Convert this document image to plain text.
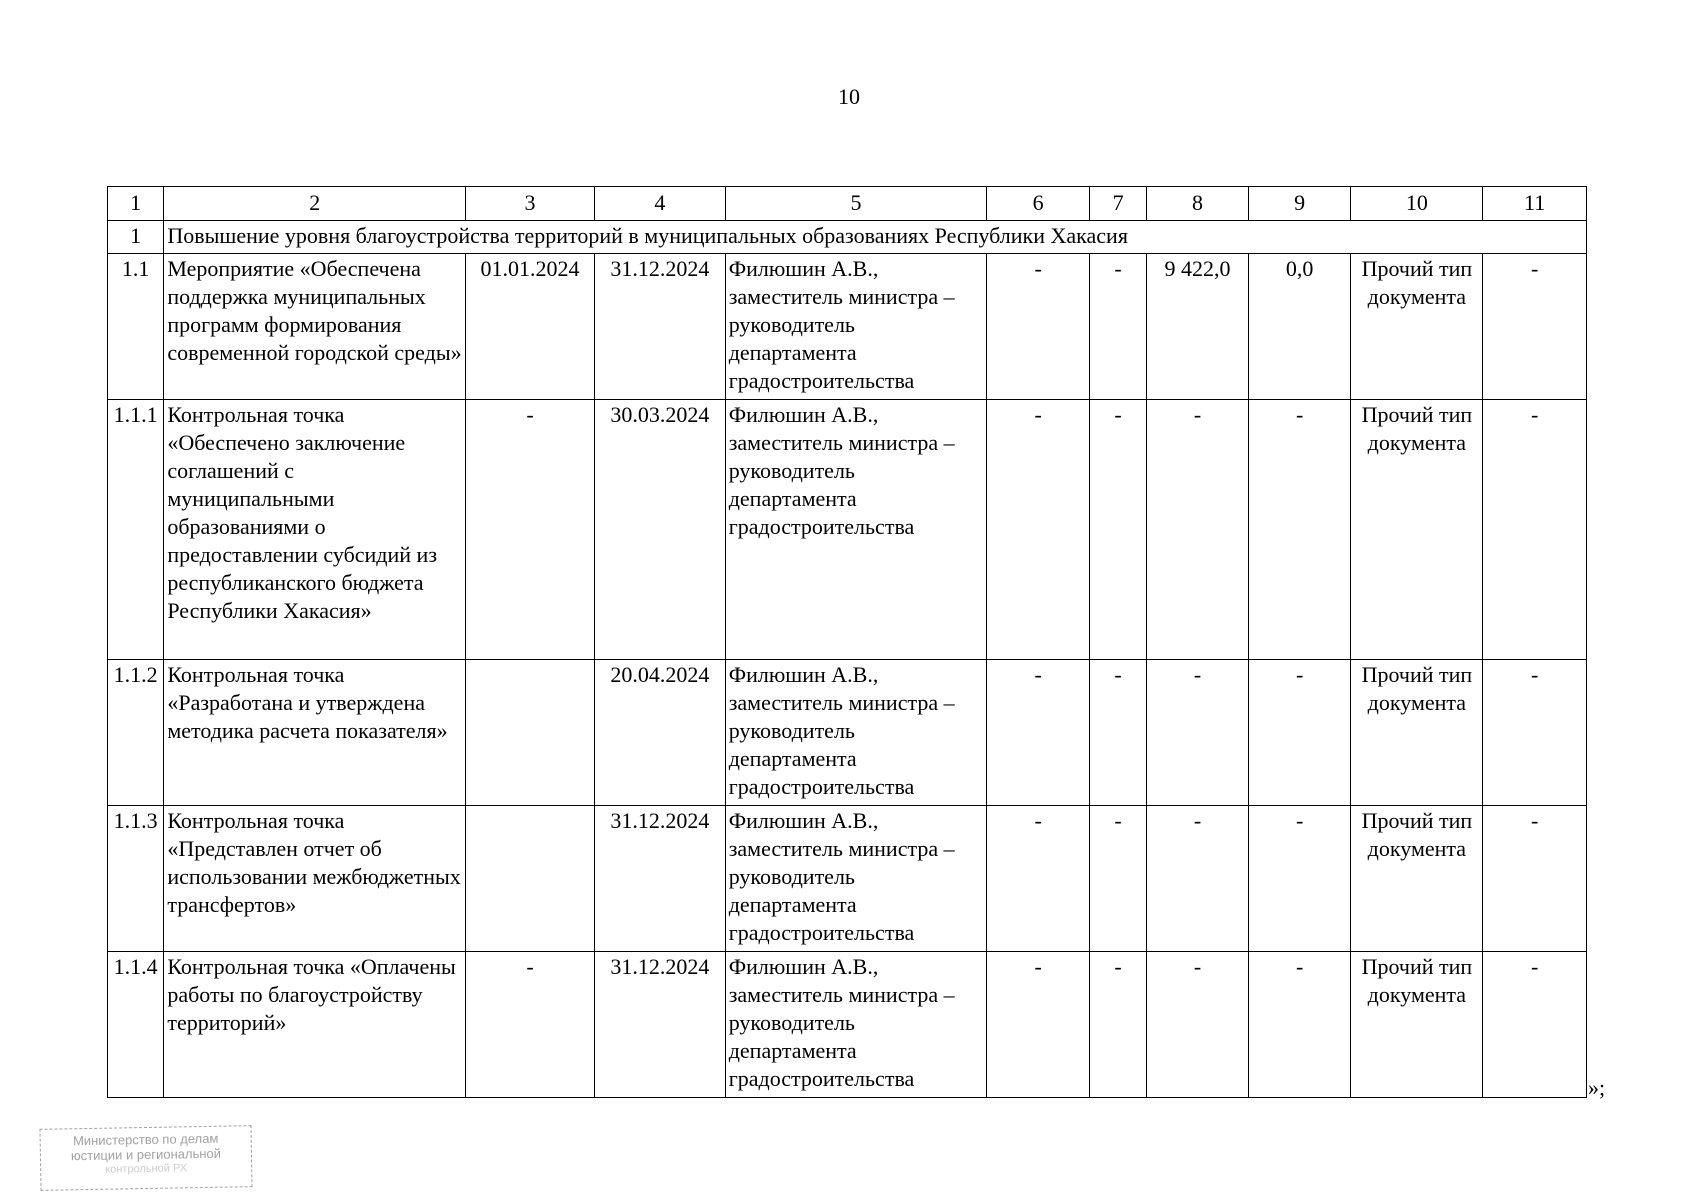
10
1	2	3	4	5	6	7	8	9	10	11
1	Повышение уровня благоустройства территорий в муниципальных образованиях Республики Хакасия									
1.1	Мероприятие «Обеспечена поддержка муниципальных программ формирования современной городской среды»	01.01.2024	31.12.2024	Филюшин А.В., заместитель министра – руководитель департамента градостроительства	-	-	9 422,0	0,0	Прочий тип документа	-
1.1.1	Контрольная точка «Обеспечено заключение соглашений с муниципальными образованиями о предоставлении субсидий из республиканского бюджета Республики Хакасия»	-	30.03.2024	Филюшин А.В., заместитель министра – руководитель департамента градостроительства	-	-	-	-	Прочий тип документа	-
1.1.2	Контрольная точка «Разработана и утверждена методика расчета показателя»		20.04.2024	Филюшин А.В., заместитель министра – руководитель департамента градостроительства	-	-	-	-	Прочий тип документа	-
1.1.3	Контрольная точка «Представлен отчет об использовании межбюджетных трансфертов»		31.12.2024	Филюшин А.В., заместитель министра – руководитель департамента градостроительства	-	-	-	-	Прочий тип документа	-
1.1.4	Контрольная точка «Оплачены работы по благоустройству территорий»	-	31.12.2024	Филюшин А.В., заместитель министра – руководитель департамента градостроительства	-	-	-	-	Прочий тип документа	-
»;
Министерство по делам
юстиции и региональной
контрольной РХ
